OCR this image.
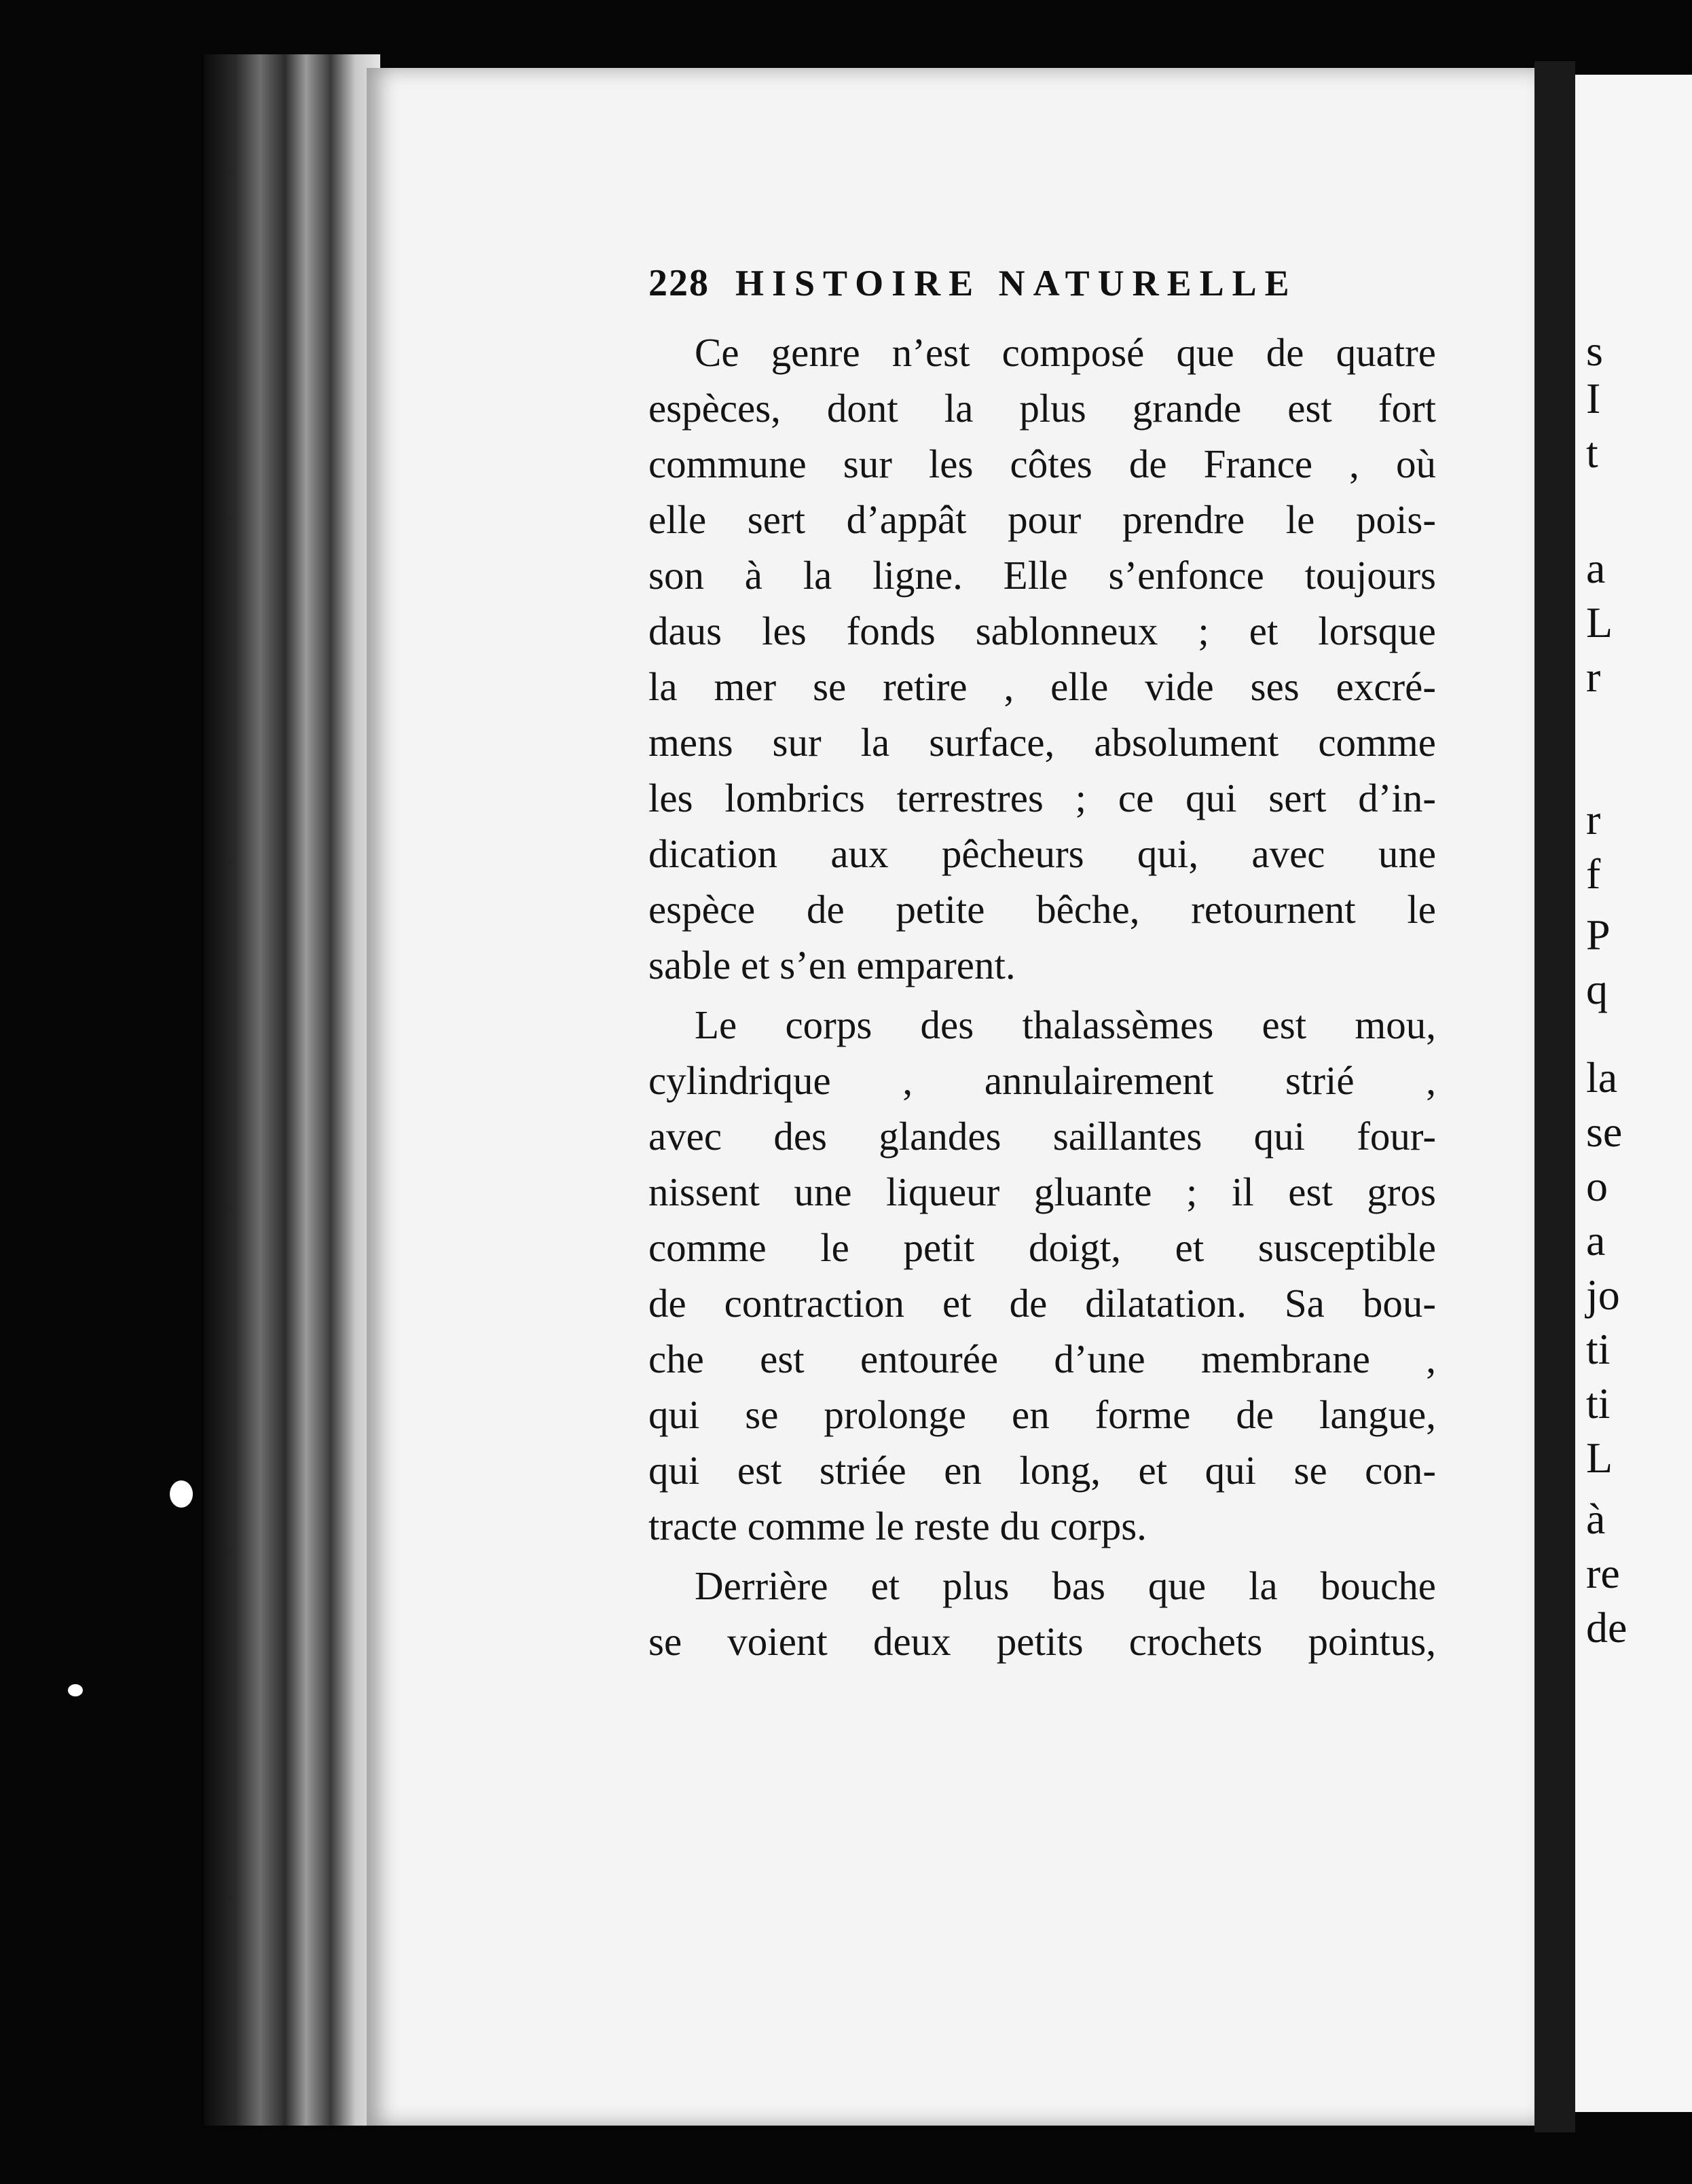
s
I
t
a
L
r
r
f
P
q
la
se
o
a
jo
ti
ti
L
à
re
de
228 HISTOIRE NATURELLE
Ce genre n’est composé que de quatre
espèces, dont la plus grande est fort
commune sur les côtes de France , où
elle sert d’appât pour prendre le pois-
son à la ligne. Elle s’enfonce toujours
daus les fonds sablonneux ; et lorsque
la mer se retire , elle vide ses excré-
mens sur la surface, absolument comme
les lombrics terrestres ; ce qui sert d’in-
dication aux pêcheurs qui, avec une
espèce de petite bêche, retournent le
sable et s’en emparent.
Le corps des thalassèmes est mou,
cylindrique , annulairement strié ,
avec des glandes saillantes qui four-
nissent une liqueur gluante ; il est gros
comme le petit doigt, et susceptible
de contraction et de dilatation. Sa bou-
che est entourée d’une membrane ,
qui se prolonge en forme de langue,
qui est striée en long, et qui se con-
tracte comme le reste du corps.
Derrière et plus bas que la bouche
se voient deux petits crochets pointus,
